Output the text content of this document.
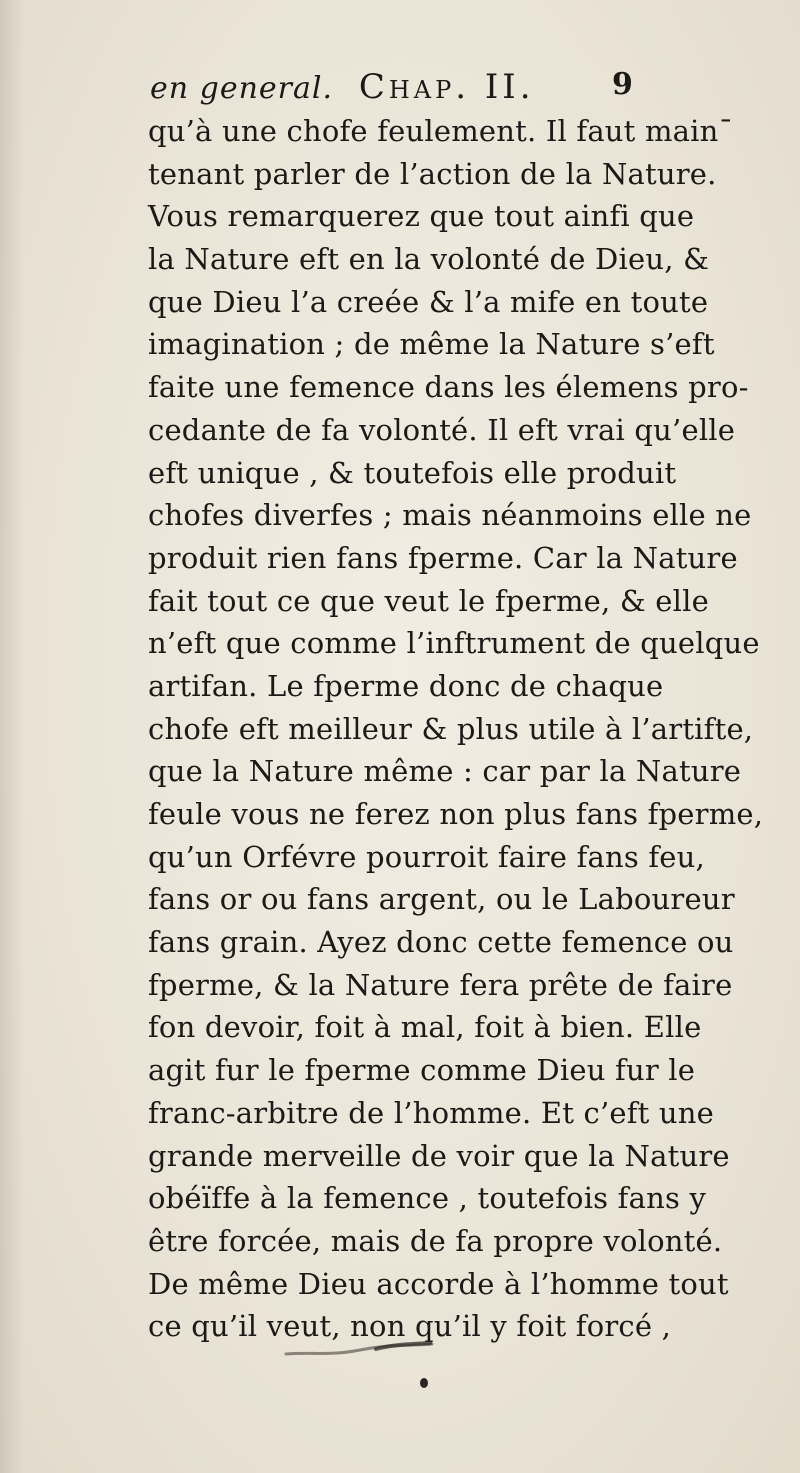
en general. Chap. II.	9
qu’à une chofe feulement. Il faut main¯
tenant parler de l’action de la Nature.
Vous remarquerez que tout ainfi que
la Nature eft en la volonté de Dieu, &
que Dieu l’a creée & l’a mife en toute
imagination ; de même la Nature s’eft
faite une femence dans les élemens pro-
cedante de fa volonté. Il eft vrai qu’elle
eft unique , & toutefois elle produit
chofes diverfes ; mais néanmoins elle ne
produit rien fans fperme. Car la Nature
fait tout ce que veut le fperme, & elle
n’eft que comme l’inftrument de quelque
artifan. Le fperme donc de chaque
chofe eft meilleur & plus utile à l’artifte,
que la Nature même : car par la Nature
feule vous ne ferez non plus fans fperme,
qu’un Orfévre pourroit faire fans feu,
fans or ou fans argent, ou le Laboureur
fans grain. Ayez donc cette femence ou
fperme, & la Nature fera prête de faire
fon devoir, foit à mal, foit à bien. Elle
agit fur le fperme comme Dieu fur le
franc-arbitre de l’homme. Et c’eft une
grande merveille de voir que la Nature
obéïffe à la femence , toutefois fans y
être forcée, mais de fa propre volonté.
De même Dieu accorde à l’homme tout
ce qu’il veut, non qu’il y foit forcé ,
